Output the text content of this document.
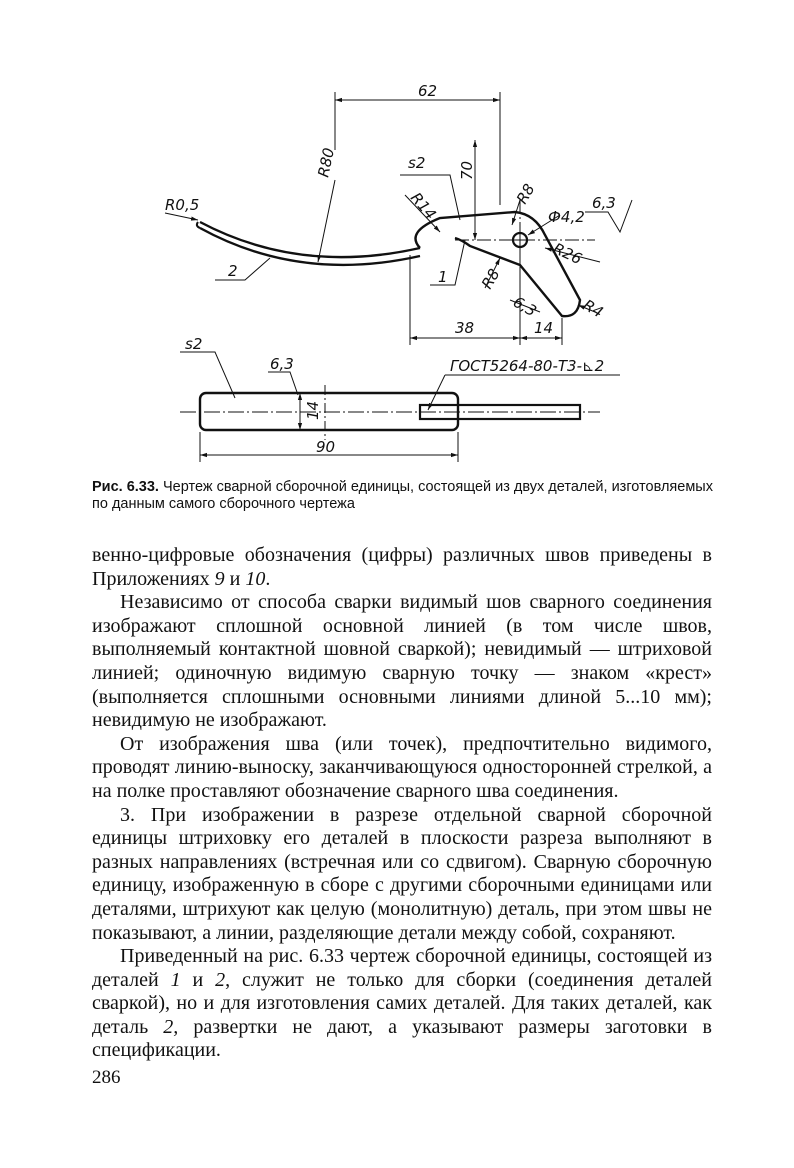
62
R80	s2 70
R0,5	R14	R8
Ф4,2
6,3
R26
1
2	R8
6,3	R4
38	14
s2
6,3	ГОСТ5264-80-Т3-⊾2
14
90
Рис. 6.33. Чертеж сварной сборочной единицы, состоящей из двух деталей, изготовляемых по данным самого сборочного чертежа

венно-цифровые обозначения (цифры) различных швов приведены в Приложениях 9 и 10.

Независимо от способа сварки видимый шов сварного соединения изображают сплошной основной линией (в том числе швов, выполняемый контактной шовной сваркой); невидимый — штриховой линией; одиночную видимую сварную точку — знаком «крест» (выполняется сплошными основными линиями длиной 5...10 мм); невидимую не изображают.

От изображения шва (или точек), предпочтительно видимого, проводят линию-выноску, заканчивающуюся односторонней стрелкой, а на полке проставляют обозначение сварного шва соединения.

3. При изображении в разрезе отдельной сварной сборочной единицы штриховку его деталей в плоскости разреза выполняют в разных направлениях (встречная или со сдвигом). Сварную сборочную единицу, изображенную в сборе с другими сборочными единицами или деталями, штрихуют как целую (монолитную) деталь, при этом швы не показывают, а линии, разделяющие детали между собой, сохраняют.

Приведенный на рис. 6.33 чертеж сборочной единицы, состоящей из деталей 1 и 2, служит не только для сборки (соединения деталей сваркой), но и для изготовления самих деталей. Для таких деталей, как деталь 2, развертки не дают, а указывают размеры заготовки в спецификации.

286
